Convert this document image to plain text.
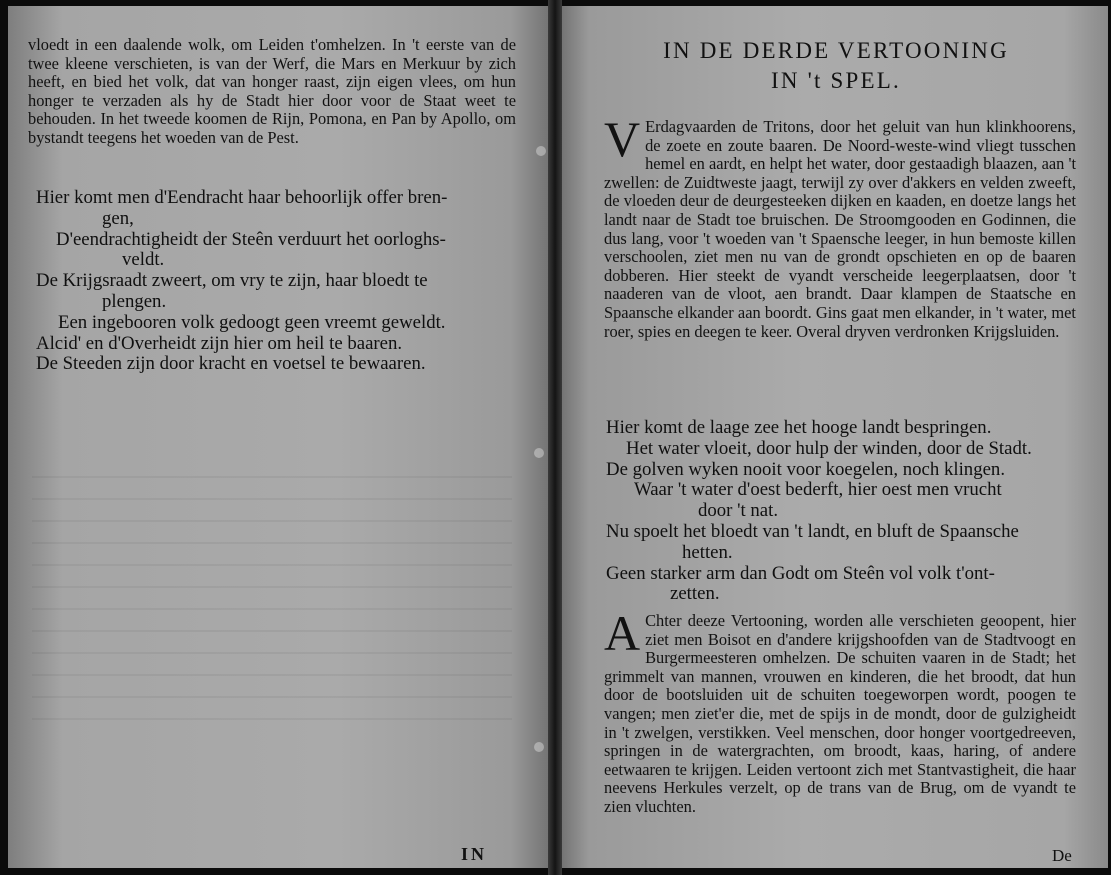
vloedt in een daalende wolk, om Leiden t'omhelzen. In 't eerste van de twee kleene verschieten, is van der Werf, die Mars en Merkuur by zich heeft, en bied het volk, dat van honger raast, zijn eigen vlees, om hun honger te verzaden als hy de Stadt hier door voor de Staat weet te behouden. In het tweede koomen de Rijn, Pomona, en Pan by Apollo, om bystandt teegens het woeden van de Pest.

Hier komt men d'Eendracht haar behoorlijk offer bren-
gen,
D'eendrachtigheidt der Steên verduurt het oorloghs-
veldt.
De Krijgsraadt zweert, om vry te zijn, haar bloedt te
plengen.
Een ingebooren volk gedoogt geen vreemt geweldt.
Alcid' en d'Overheidt zijn hier om heil te baaren.
De Steeden zijn door kracht en voetsel te bewaaren.
IN
IN DE DERDE VERTOONING
IN 't SPEL.

V Erdagvaarden de Tritons, door het geluit van hun klinkhoorens, de zoete en zoute baaren. De Noord-weste-wind vliegt tusschen hemel en aardt, en helpt het water, door gestaadigh blaazen, aan 't zwellen: de Zuidtweste jaagt, terwijl zy over d'akkers en velden zweeft, de vloeden deur de deurgesteeken dijken en kaaden, en doetze langs het landt naar de Stadt toe bruischen. De Stroomgooden en Godinnen, die dus lang, voor 't woeden van 't Spaensche leeger, in hun bemoste killen verschoolen, ziet men nu van de grondt opschieten en op de baaren dobberen. Hier steekt de vyandt verscheide leegerplaatsen, door 't naaderen van de vloot, aen brandt. Daar klampen de Staatsche en Spaansche elkander aan boordt. Gins gaat men elkander, in 't water, met roer, spies en deegen te keer. Overal dryven verdronken Krijgsluiden.

Hier komt de laage zee het hooge landt bespringen.
Het water vloeit, door hulp der winden, door de Stadt.
De golven wyken nooit voor koegelen, noch klingen.
Waar 't water d'oest bederft, hier oest men vrucht
door 't nat.
Nu spoelt het bloedt van 't landt, en bluft de Spaansche
hetten.
Geen starker arm dan Godt om Steên vol volk t'ont-
zetten.

A Chter deeze Vertooning, worden alle verschieten geoopent, hier ziet men Boisot en d'andere krijgshoofden van de Stadtvoogt en Burgermeesteren omhelzen. De schuiten vaaren in de Stadt; het grimmelt van mannen, vrouwen en kinderen, die het broodt, dat hun door de bootsluiden uit de schuiten toegeworpen wordt, poogen te vangen; men ziet'er die, met de spijs in de mondt, door de gulzigheidt in 't zwelgen, verstikken. Veel menschen, door honger voortgedreeven, springen in de watergrachten, om broodt, kaas, haring, of andere eetwaaren te krijgen. Leiden vertoont zich met Stantvastigheit, die haar neevens Herkules verzelt, op de trans van de Brug, om de vyandt te zien vluchten.

De
